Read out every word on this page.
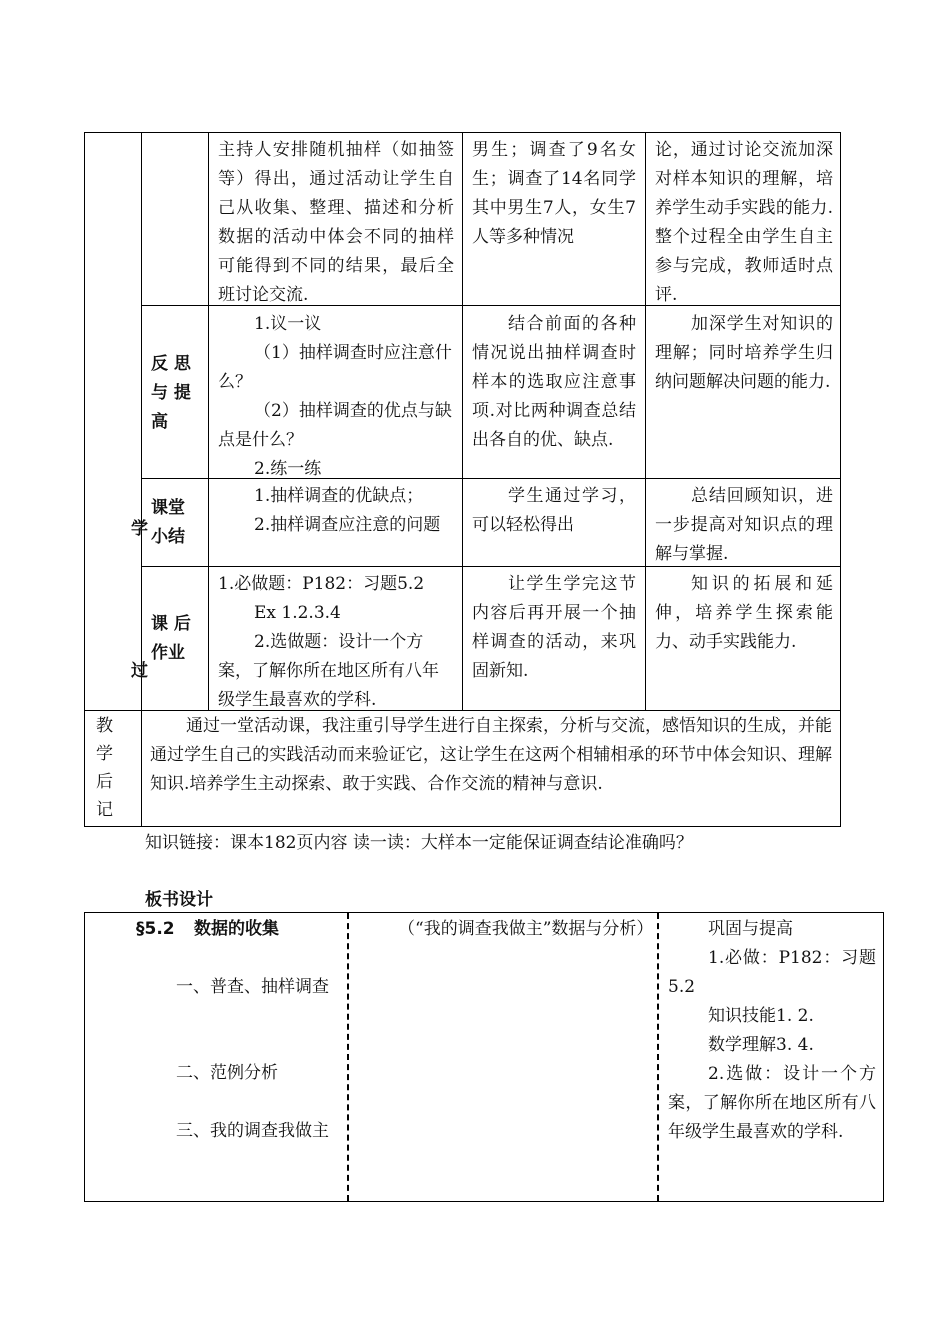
学
过
主持人安排随机抽样（如抽签等）得出，通过活动让学生自己从收集、整理、描述和分析数据的活动中体会不同的抽样可能得到不同的结果，最后全班讨论交流.
男生；调查了9名女生；调查了14名同学其中男生7人，女生7人等多种情况
论，通过讨论交流加深对样本知识的理解，培养学生动手实践的能力.整个过程全由学生自主参与完成，教师适时点评.
反 思 与 提 高

1.议一议

（1）抽样调查时应注意什么？

（2）抽样调查的优点与缺点是什么？

2.练一练

结合前面的各种情况说出抽样调查时样本的选取应注意事项.对比两种调查总结出各自的优、缺点.
加深学生对知识的理解；同时培养学生归纳问题解决问题的能力.
课堂 小结

1.抽样调查的优缺点；

2.抽样调查应注意的问题

学生通过学习，可以轻松得出
总结回顾知识，进一步提高对知识点的理解与掌握.
课 后 作业

1.必做题：P182：习题5.2

Ex 1.2.3.4

2.选做题：设计一个方案，了解你所在地区所有八年级学生最喜欢的学科.

让学生学完这节内容后再开展一个抽样调查的活动，来巩固新知.
知识的拓展和延伸，培养学生探索能力、动手实践能力.

教

学

后

记

通过一堂活动课，我注重引导学生进行自主探索，分析与交流，感悟知识的生成，并能通过学生自己的实践活动而来验证它，这让学生在这两个相辅相承的环节中体会知识、理解知识.培养学生主动探索、敢于实践、合作交流的精神与意识.
知识链接：课本182页内容 读一读：大样本一定能保证调查结论准确吗？
板书设计
§5.2 数据的收集
一、普查、抽样调查
二、范例分析
三、我的调查我做主
（“我的调查我做主”数据与分析）	巩固与提高

1.必做：P182：习题5.2

知识技能1. 2.

数学理解3. 4.

2.选做：设计一个方案，了解你所在地区所有八年级学生最喜欢的学科.
